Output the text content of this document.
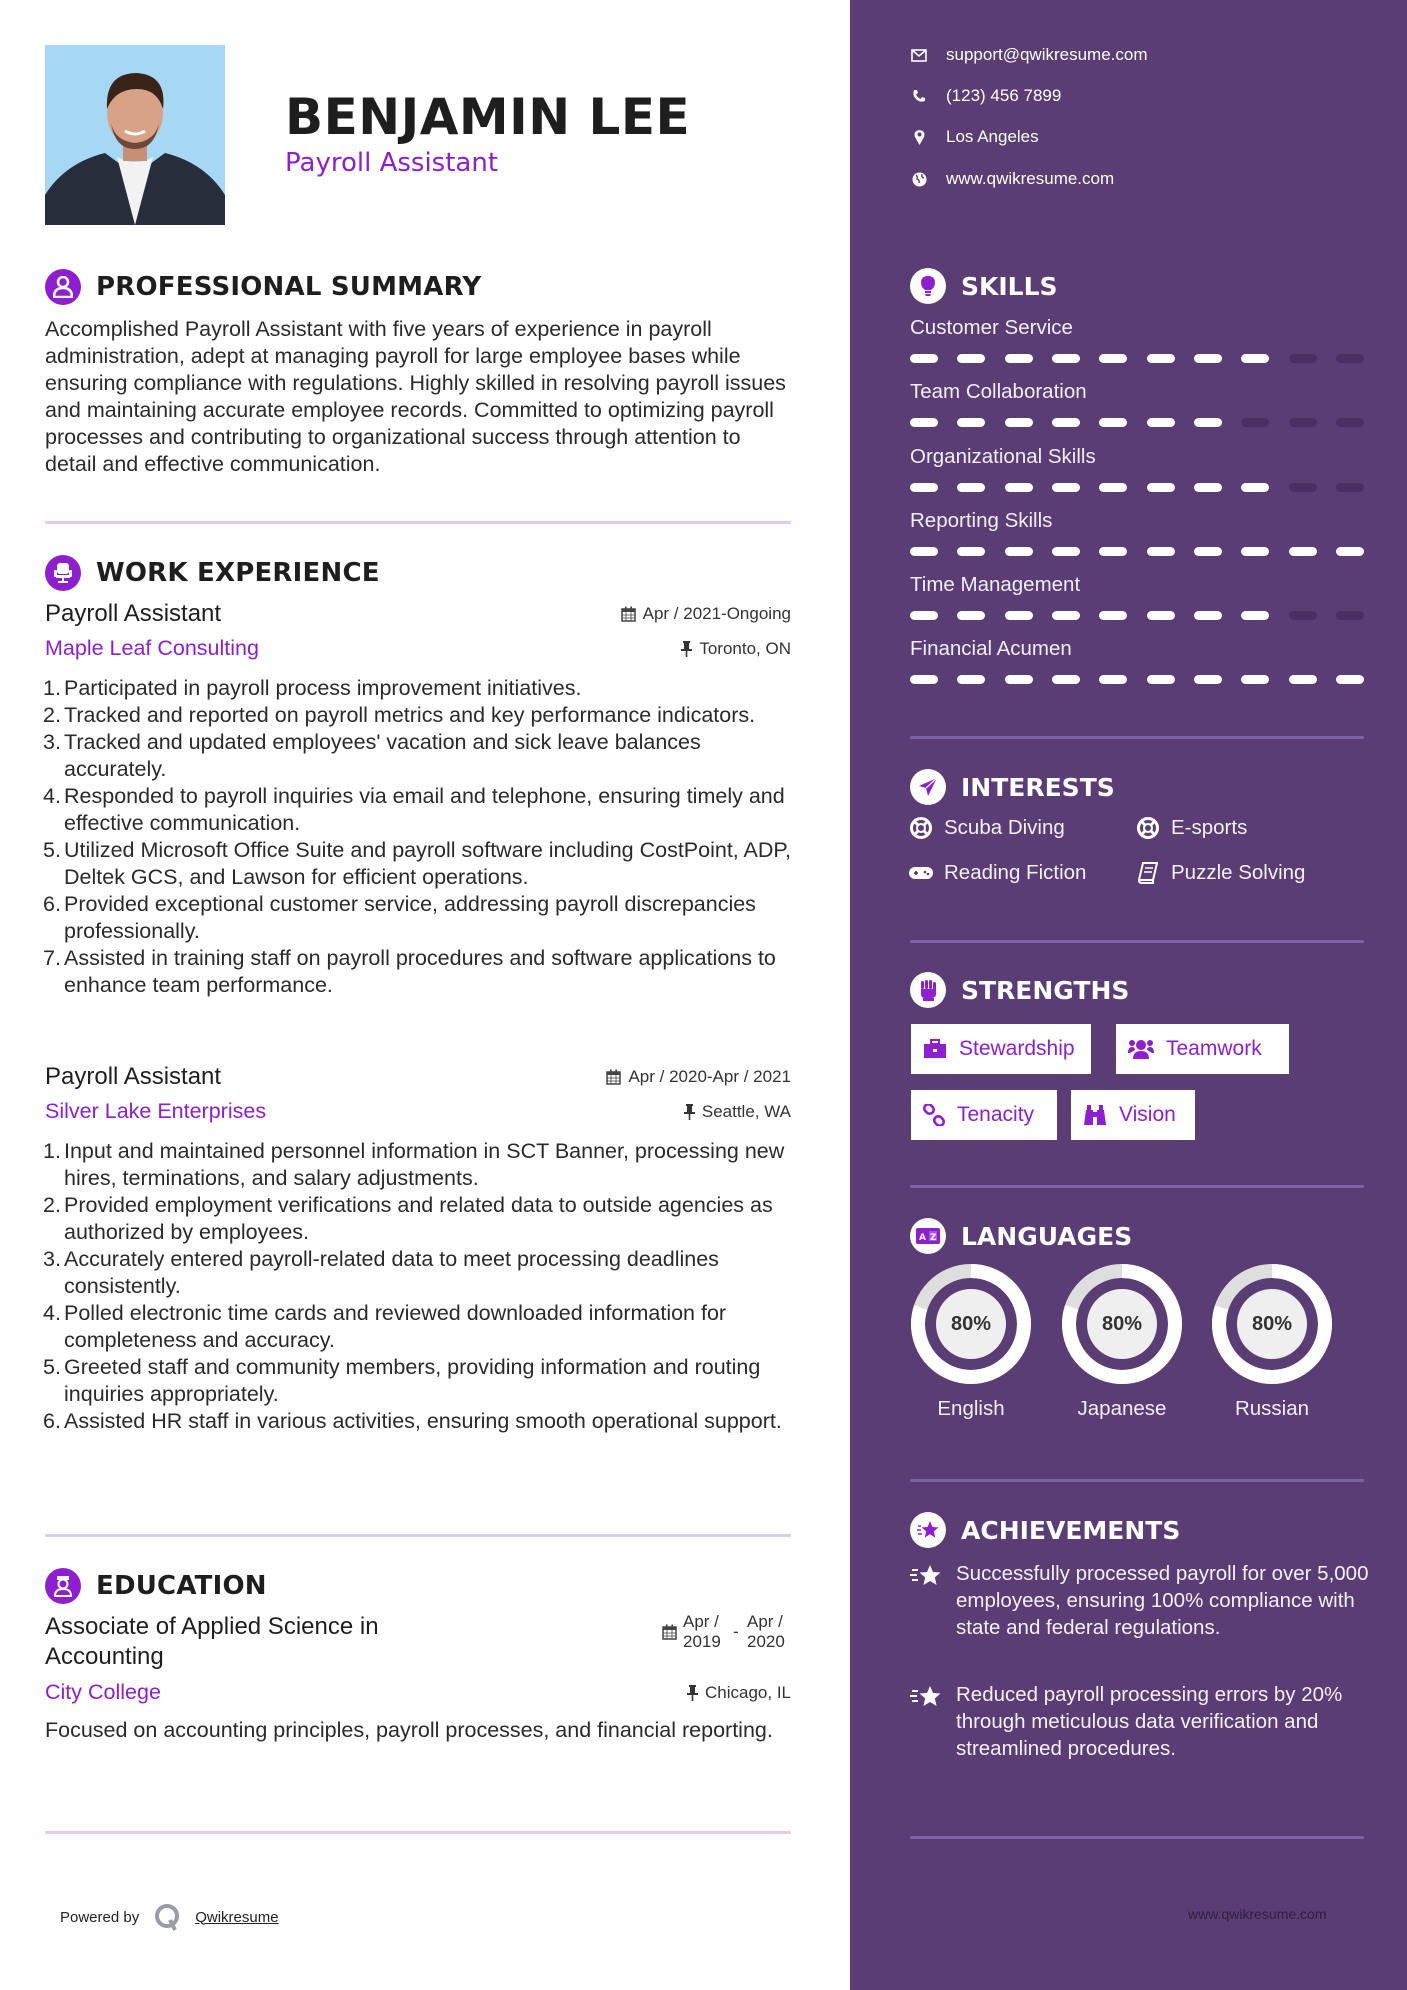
BENJAMIN LEE
Payroll Assistant
PROFESSIONAL SUMMARY
Accomplished Payroll Assistant with five years of experience in payroll administration, adept at managing payroll for large employee bases while ensuring compliance with regulations. Highly skilled in resolving payroll issues and maintaining accurate employee records. Committed to optimizing payroll processes and contributing to organizational success through attention to detail and effective communication.
WORK EXPERIENCE
Payroll Assistant	Apr / 2021-Ongoing
Maple Leaf Consulting	Toronto, ON
1. Participated in payroll process improvement initiatives.
2. Tracked and reported on payroll metrics and key performance indicators.
3. Tracked and updated employees' vacation and sick leave balances accurately.
4. Responded to payroll inquiries via email and telephone, ensuring timely and effective communication.
5. Utilized Microsoft Office Suite and payroll software including CostPoint, ADP, Deltek GCS, and Lawson for efficient operations.
6. Provided exceptional customer service, addressing payroll discrepancies professionally.
7. Assisted in training staff on payroll procedures and software applications to enhance team performance.
Payroll Assistant	Apr / 2020-Apr / 2021
Silver Lake Enterprises	Seattle, WA
1. Input and maintained personnel information in SCT Banner, processing new hires, terminations, and salary adjustments.
2. Provided employment verifications and related data to outside agencies as authorized by employees.
3. Accurately entered payroll-related data to meet processing deadlines consistently.
4. Polled electronic time cards and reviewed downloaded information for completeness and accuracy.
5. Greeted staff and community members, providing information and routing inquiries appropriately.
6. Assisted HR staff in various activities, ensuring smooth operational support.
EDUCATION
Associate of Applied Science in
Accounting
Apr /
2019
-
Apr /
2020
City College	Chicago, IL
Focused on accounting principles, payroll processes, and financial reporting.
Powered by	Qwikresume
support@qwikresume.com
(123) 456 7899
Los Angeles
www.qwikresume.com
SKILLS
Customer Service
Team Collaboration
Organizational Skills
Reporting Skills
Time Management
Financial Acumen
INTERESTS
Scuba Diving	E-sports
Reading Fiction	Puzzle Solving
STRENGTHS
Stewardship	Teamwork
Tenacity	Vision
A Z LANGUAGES
80%
English
80%
Japanese
80%
Russian
ACHIEVEMENTS
Successfully processed payroll for over 5,000 employees, ensuring 100% compliance with state and federal regulations.
Reduced payroll processing errors by 20% through meticulous data verification and streamlined procedures.
www.qwikresume.com
